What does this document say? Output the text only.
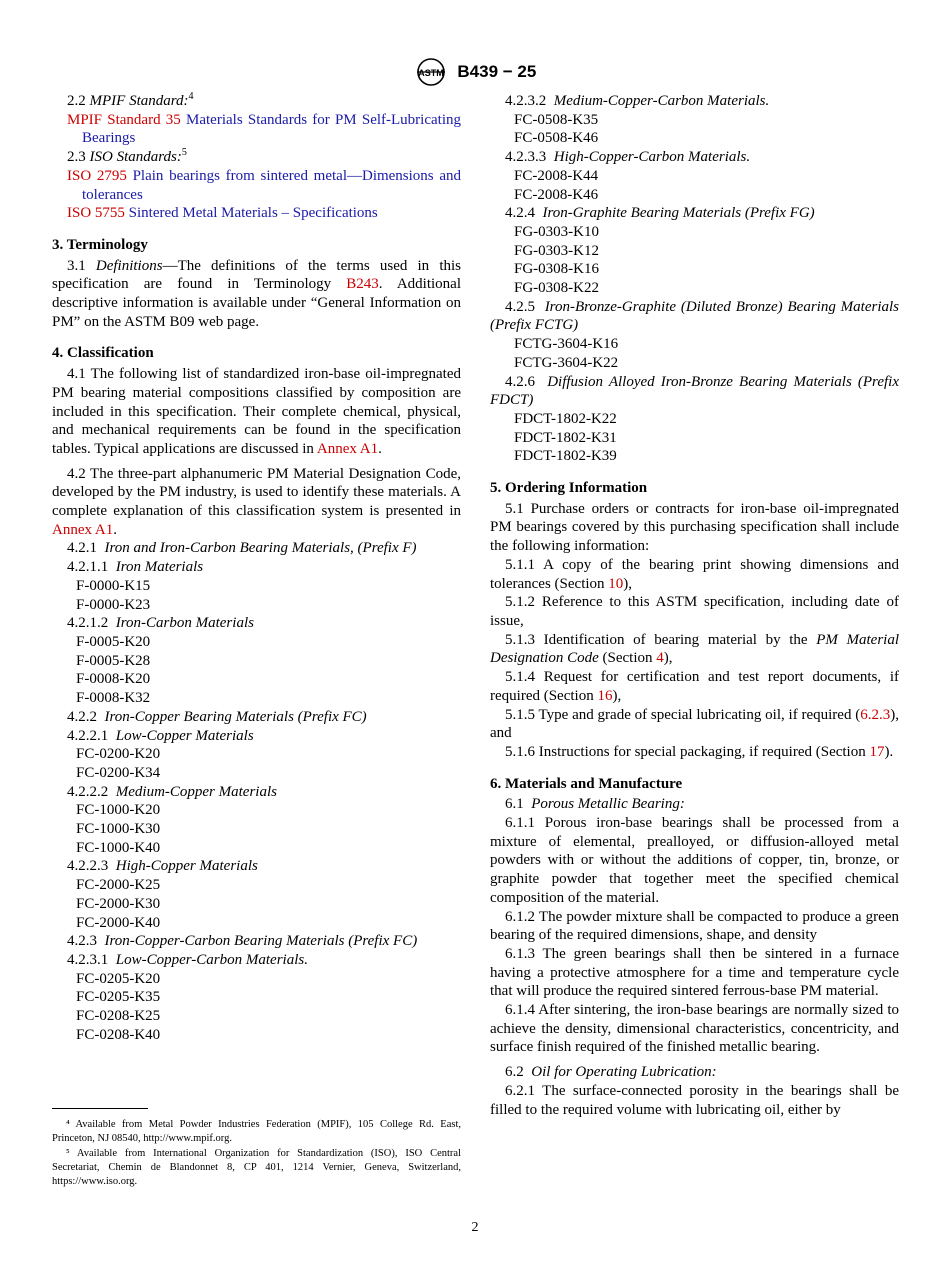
ASTM B439 − 25

2.2 MPIF Standard:$^4$

MPIF Standard 35 Materials Standards for PM Self-Lubricating Bearings

2.3 ISO Standards:$^5$

ISO 2795 Plain bearings from sintered metal—Dimensions and tolerances

ISO 5755 Sintered Metal Materials – Specifications

3. Terminology

3.1 Definitions—The definitions of the terms used in this specification are found in Terminology B243. Additional descriptive information is available under “General Information on PM” on the ASTM B09 web page.

4. Classification

4.1 The following list of standardized iron-base oil-impregnated PM bearing material compositions classified by composition are included in this specification. Their complete chemical, physical, and mechanical requirements can be found in the specification tables. Typical applications are discussed in Annex A1.

4.2 The three-part alphanumeric PM Material Designation Code, developed by the PM industry, is used to identify these materials. A complete explanation of this classification system is presented in Annex A1.

4.2.1 Iron and Iron-Carbon Bearing Materials, (Prefix F)

4.2.1.1 Iron Materials

F-0000-K15

F-0000-K23

4.2.1.2 Iron-Carbon Materials

F-0005-K20

F-0005-K28

F-0008-K20

F-0008-K32

4.2.2 Iron-Copper Bearing Materials (Prefix FC)

4.2.2.1 Low-Copper Materials

FC-0200-K20

FC-0200-K34

4.2.2.2 Medium-Copper Materials

FC-1000-K20

FC-1000-K30

FC-1000-K40

4.2.2.3 High-Copper Materials

FC-2000-K25

FC-2000-K30

FC-2000-K40

4.2.3 Iron-Copper-Carbon Bearing Materials (Prefix FC)

4.2.3.1 Low-Copper-Carbon Materials.

FC-0205-K20

FC-0205-K35

FC-0208-K25

FC-0208-K40

4.2.3.2 Medium-Copper-Carbon Materials.

FC-0508-K35

FC-0508-K46

4.2.3.3 High-Copper-Carbon Materials.

FC-2008-K44

FC-2008-K46

4.2.4 Iron-Graphite Bearing Materials (Prefix FG)

FG-0303-K10

FG-0303-K12

FG-0308-K16

FG-0308-K22

4.2.5 Iron-Bronze-Graphite (Diluted Bronze) Bearing Materials (Prefix FCTG)

FCTG-3604-K16

FCTG-3604-K22

4.2.6 Diffusion Alloyed Iron-Bronze Bearing Materials (Prefix FDCT)

FDCT-1802-K22

FDCT-1802-K31

FDCT-1802-K39

5. Ordering Information

5.1 Purchase orders or contracts for iron-base oil-impregnated PM bearings covered by this purchasing specification shall include the following information:

5.1.1 A copy of the bearing print showing dimensions and tolerances (Section 10),

5.1.2 Reference to this ASTM specification, including date of issue,

5.1.3 Identification of bearing material by the PM Material Designation Code (Section 4),

5.1.4 Request for certification and test report documents, if required (Section 16),

5.1.5 Type and grade of special lubricating oil, if required (6.2.3), and

5.1.6 Instructions for special packaging, if required (Section 17).

6. Materials and Manufacture

6.1 Porous Metallic Bearing:

6.1.1 Porous iron-base bearings shall be processed from a mixture of elemental, prealloyed, or diffusion-alloyed metal powders with or without the additions of copper, tin, bronze, or graphite powder that together meet the specified chemical composition of the material.

6.1.2 The powder mixture shall be compacted to produce a green bearing of the required dimensions, shape, and density

6.1.3 The green bearings shall then be sintered in a furnace having a protective atmosphere for a time and temperature cycle that will produce the required sintered ferrous-base PM material.

6.1.4 After sintering, the iron-base bearings are normally sized to achieve the density, dimensional characteristics, concentricity, and surface finish required of the finished metallic bearing.

6.2 Oil for Operating Lubrication:

6.2.1 The surface-connected porosity in the bearings shall be filled to the required volume with lubricating oil, either by

⁴ Available from Metal Powder Industries Federation (MPIF), 105 College Rd. East, Princeton, NJ 08540, http://www.mpif.org.

⁵ Available from International Organization for Standardization (ISO), ISO Central Secretariat, Chemin de Blandonnet 8, CP 401, 1214 Vernier, Geneva, Switzerland, https://www.iso.org.

2
